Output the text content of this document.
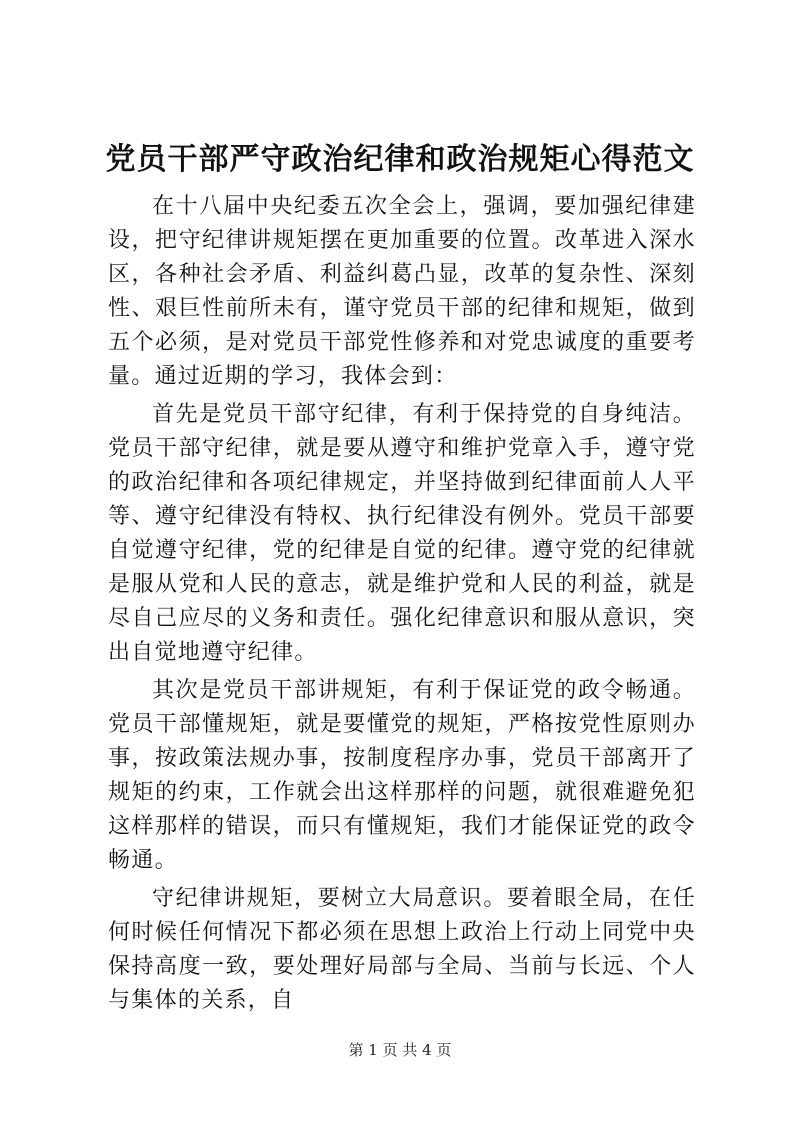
党员干部严守政治纪律和政治规矩心得范文

在十八届中央纪委五次全会上，强调，要加强纪律建设，把守纪律讲规矩摆在更加重要的位置。改革进入深水区，各种社会矛盾、利益纠葛凸显，改革的复杂性、深刻性、艰巨性前所未有，谨守党员干部的纪律和规矩，做到五个必须，是对党员干部党性修养和对党忠诚度的重要考量。通过近期的学习，我体会到：

首先是党员干部守纪律，有利于保持党的自身纯洁。党员干部守纪律，就是要从遵守和维护党章入手，遵守党的政治纪律和各项纪律规定，并坚持做到纪律面前人人平等、遵守纪律没有特权、执行纪律没有例外。党员干部要自觉遵守纪律，党的纪律是自觉的纪律。遵守党的纪律就是服从党和人民的意志，就是维护党和人民的利益，就是尽自己应尽的义务和责任。强化纪律意识和服从意识，突出自觉地遵守纪律。

其次是党员干部讲规矩，有利于保证党的政令畅通。党员干部懂规矩，就是要懂党的规矩，严格按党性原则办事，按政策法规办事，按制度程序办事，党员干部离开了规矩的约束，工作就会出这样那样的问题，就很难避免犯这样那样的错误，而只有懂规矩，我们才能保证党的政令畅通。

守纪律讲规矩，要树立大局意识。要着眼全局，在任何时候任何情况下都必须在思想上政治上行动上同党中央保持高度一致，要处理好局部与全局、当前与长远、个人与集体的关系，自

第 1 页 共 4 页
